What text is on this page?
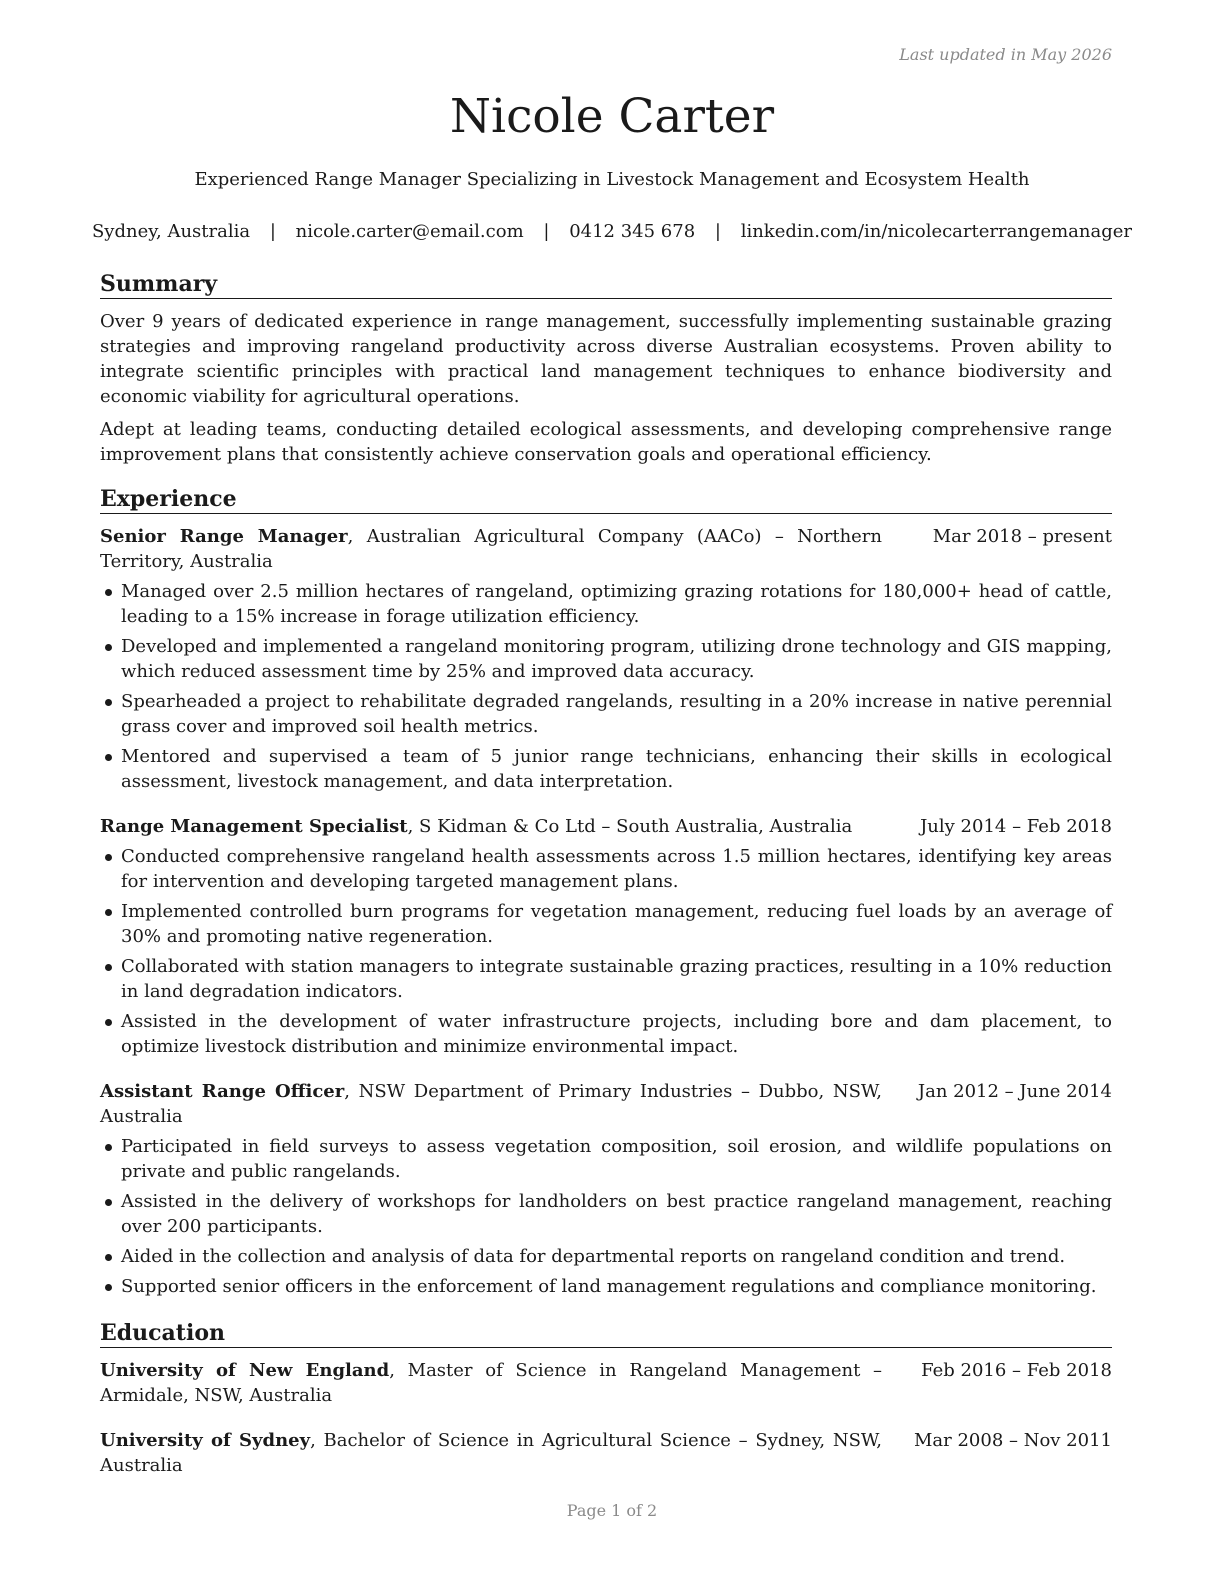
Last updated in May 2026
Nicole Carter
Experienced Range Manager Specializing in Livestock Management and Ecosystem Health
Sydney, Australia | nicole.carter@email.com | 0412 345 678 | linkedin.com/in/nicolecarterrangemanager
Summary

Over 9 years of dedicated experience in range management, successfully implementing sustainable grazing strategies and improving rangeland productivity across diverse Australian ecosystems. Proven ability to integrate scientific principles with practical land management techniques to enhance biodiversity and economic viability for agricultural operations.

Adept at leading teams, conducting detailed ecological assessments, and developing comprehensive range improvement plans that consistently achieve conservation goals and operational efficiency.

Experience
Senior Range Manager, Australian Agricultural Company (AACo) – Northern Territory, Australia
Mar 2018 – present
Managed over 2.5 million hectares of rangeland, optimizing grazing rotations for 180,000+ head of cattle, leading to a 15% increase in forage utilization efficiency.
Developed and implemented a rangeland monitoring program, utilizing drone technology and GIS mapping, which reduced assessment time by 25% and improved data accuracy.
Spearheaded a project to rehabilitate degraded rangelands, resulting in a 20% increase in native perennial grass cover and improved soil health metrics.
Mentored and supervised a team of 5 junior range technicians, enhancing their skills in ecological assessment, livestock management, and data interpretation.
Range Management Specialist, S Kidman & Co Ltd – South Australia, Australia	July 2014 – Feb 2018
Conducted comprehensive rangeland health assessments across 1.5 million hectares, identifying key areas for intervention and developing targeted management plans.
Implemented controlled burn programs for vegetation management, reducing fuel loads by an average of 30% and promoting native regeneration.
Collaborated with station managers to integrate sustainable grazing practices, resulting in a 10% reduction in land degradation indicators.
Assisted in the development of water infrastructure projects, including bore and dam placement, to optimize livestock distribution and minimize environmental impact.
Assistant Range Officer, NSW Department of Primary Industries – Dubbo, NSW, Australia
Jan 2012 – June 2014
Participated in field surveys to assess vegetation composition, soil erosion, and wildlife populations on private and public rangelands.
Assisted in the delivery of workshops for landholders on best practice rangeland management, reaching over 200 participants.
Aided in the collection and analysis of data for departmental reports on rangeland condition and trend.
Supported senior officers in the enforcement of land management regulations and compliance monitoring.
Education
University of New England, Master of Science in Rangeland Management – Armidale, NSW, Australia
Feb 2016 – Feb 2018
University of Sydney, Bachelor of Science in Agricultural Science – Sydney, NSW, Australia
Mar 2008 – Nov 2011
Page 1 of 2
